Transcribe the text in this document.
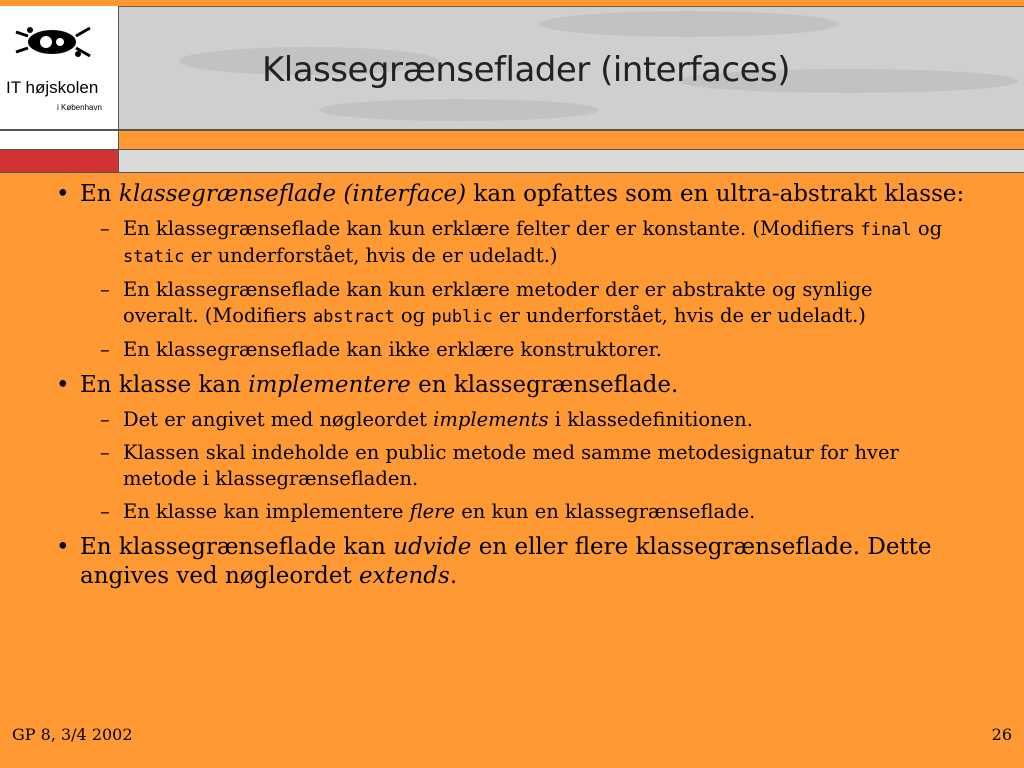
IT højskolen
i København
Klassegrænseflader (interfaces)
• En klassegrænseflade (interface) kan opfattes som en ultra-abstrakt klasse:
– En klassegrænseflade kan kun erklære felter der er konstante. (Modifiers final og static er underforstået, hvis de er udeladt.)
– En klassegrænseflade kan kun erklære metoder der er abstrakte og synlige overalt. (Modifiers abstract og public er underforstået, hvis de er udeladt.)
– En klassegrænseflade kan ikke erklære konstruktorer.
• En klasse kan implementere en klassegrænseflade.
– Det er angivet med nøgleordet implements i klassedefinitionen.
– Klassen skal indeholde en public metode med samme metodesignatur for hver metode i klassegrænsefladen.
– En klasse kan implementere flere en kun en klassegrænseflade.
• En klassegrænseflade kan udvide en eller flere klassegrænseflade. Dette angives ved nøgleordet extends.
GP 8, 3/4 2002	26
